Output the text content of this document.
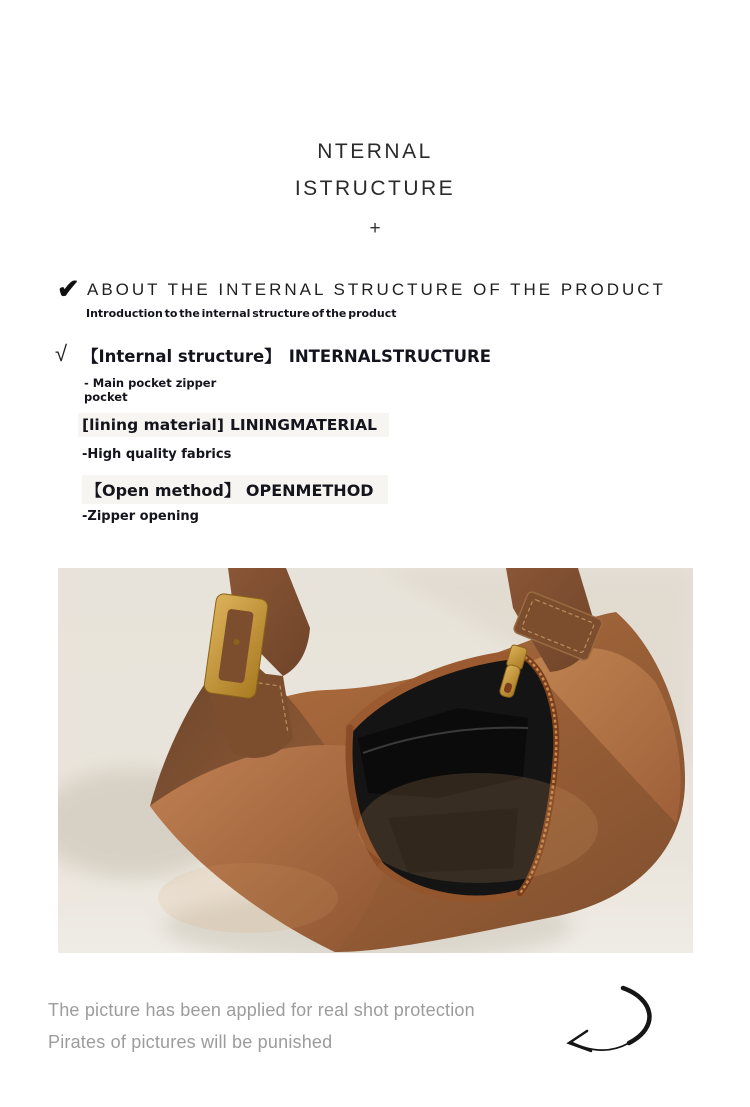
NTERNAL
ISTRUCTURE
+
✔ ABOUT THE INTERNAL STRUCTURE OF THE PRODUCT
Introduction to the internal structure of the product
√ 【Internal structure】 INTERNALSTRUCTURE
- Main pocket zipper
pocket
[lining material] LININGMATERIAL
-High quality fabrics
【Open method】 OPENMETHOD
-Zipper opening
The picture has been applied for real shot protection
Pirates of pictures will be punished
